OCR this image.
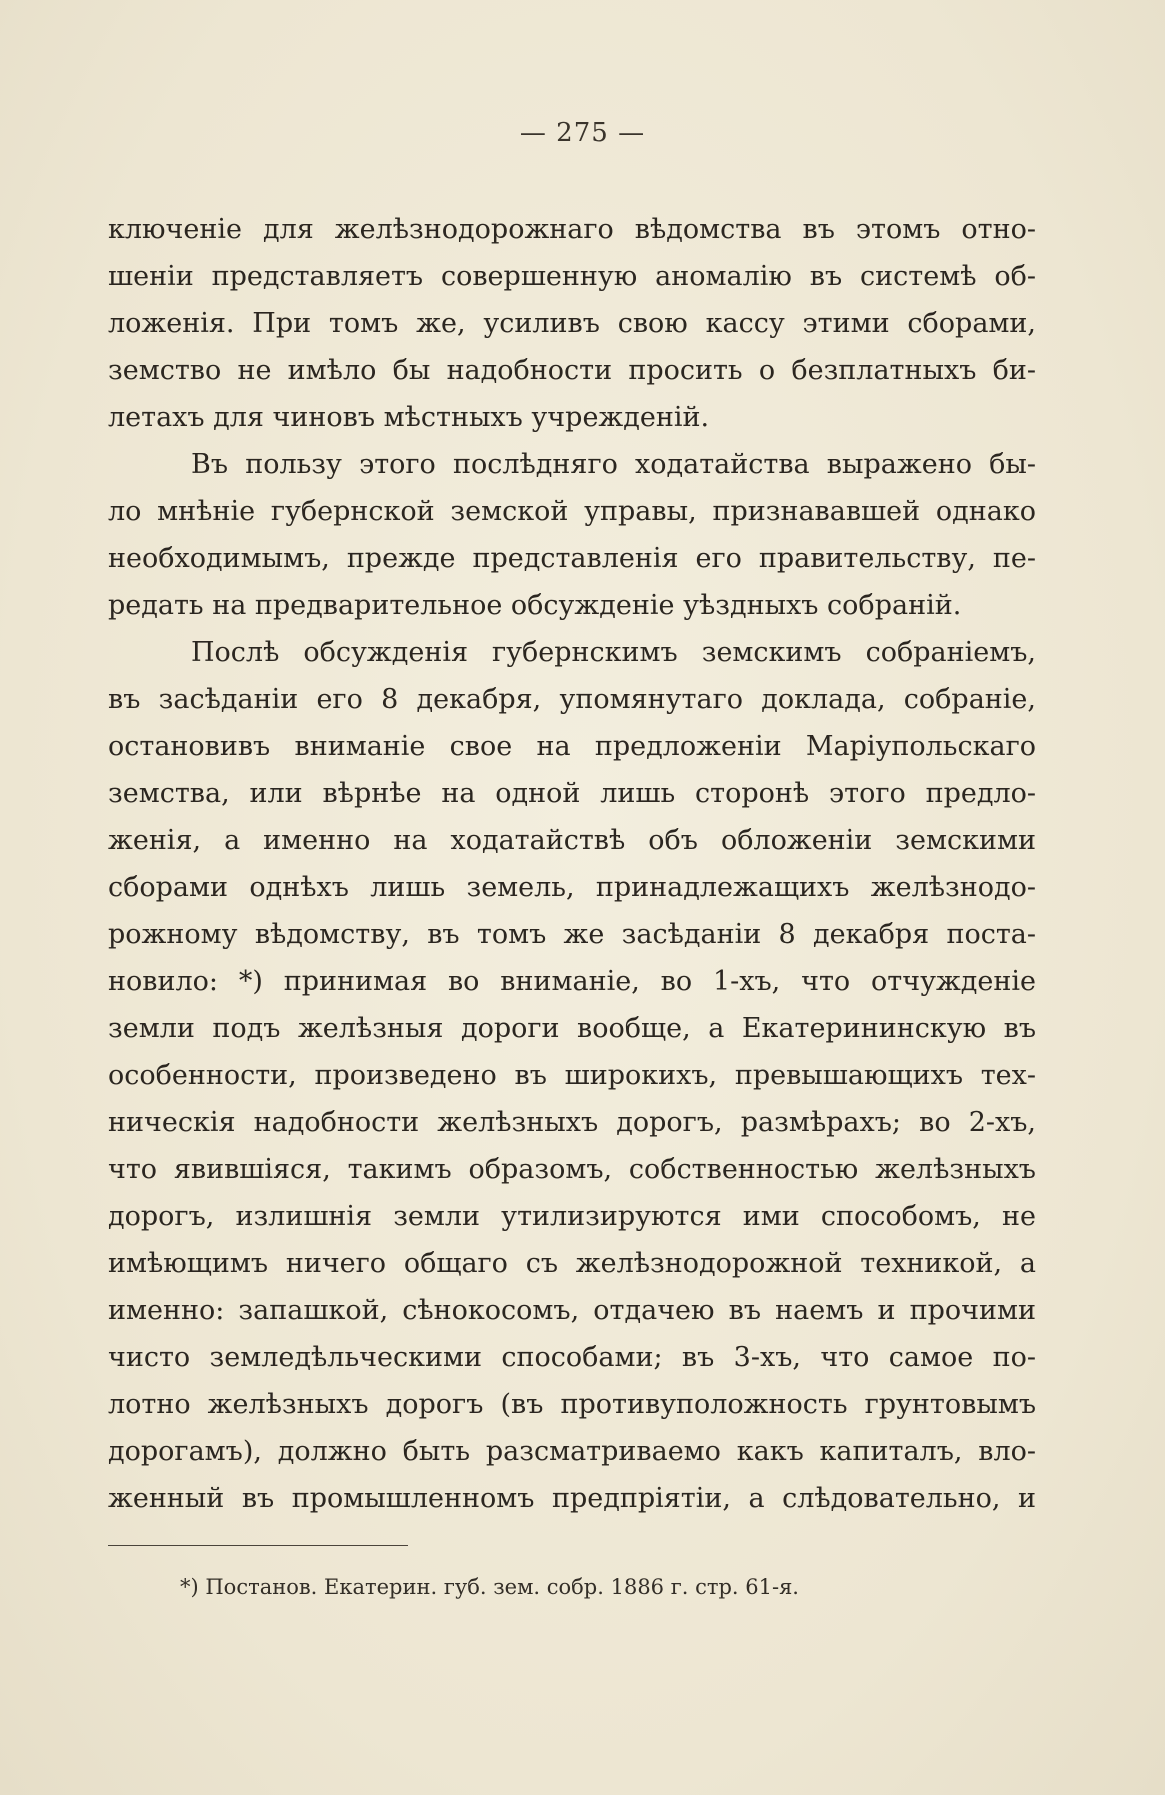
— 275 —
ключеніе для желѣзнодорожнаго вѣдомства въ этомъ отно-
шеніи представляетъ совершенную аномалію въ системѣ об-
ложенія. При томъ же, усиливъ свою кассу этими сборами,
земство не имѣло бы надобности просить о безплатныхъ би-
летахъ для чиновъ мѣстныхъ учрежденій.
Въ пользу этого послѣдняго ходатайства выражено бы-
ло мнѣніе губернской земской управы, признававшей однако
необходимымъ, прежде представленія его правительству, пе-
редать на предварительное обсужденіе уѣздныхъ собраній.
Послѣ обсужденія губернскимъ земскимъ собраніемъ,
въ засѣданіи его 8 декабря, упомянутаго доклада, собраніе,
остановивъ вниманіе свое на предложеніи Маріупольскаго
земства, или вѣрнѣе на одной лишь сторонѣ этого предло-
женія, а именно на ходатайствѣ объ обложеніи земскими
сборами однѣхъ лишь земель, принадлежащихъ желѣзнодо-
рожному вѣдомству, въ томъ же засѣданіи 8 декабря поста-
новило: *) принимая во вниманіе, во 1-хъ, что отчужденіе
земли подъ желѣзныя дороги вообще, а Екатерининскую въ
особенности, произведено въ широкихъ, превышающихъ тех-
ническія надобности желѣзныхъ дорогъ, размѣрахъ; во 2-хъ,
что явившіяся, такимъ образомъ, собственностью желѣзныхъ
дорогъ, излишнія земли утилизируются ими способомъ, не
имѣющимъ ничего общаго съ желѣзнодорожной техникой, а
именно: запашкой, сѣнокосомъ, отдачею въ наемъ и прочими
чисто земледѣльческими способами; въ 3-хъ, что самое по-
лотно желѣзныхъ дорогъ (въ противуположность грунтовымъ
дорогамъ), должно быть разсматриваемо какъ капиталъ, вло-
женный въ промышленномъ предпріятіи, а слѣдовательно, и
*) Постанов. Екатерин. губ. зем. собр. 1886 г. стр. 61-я.
